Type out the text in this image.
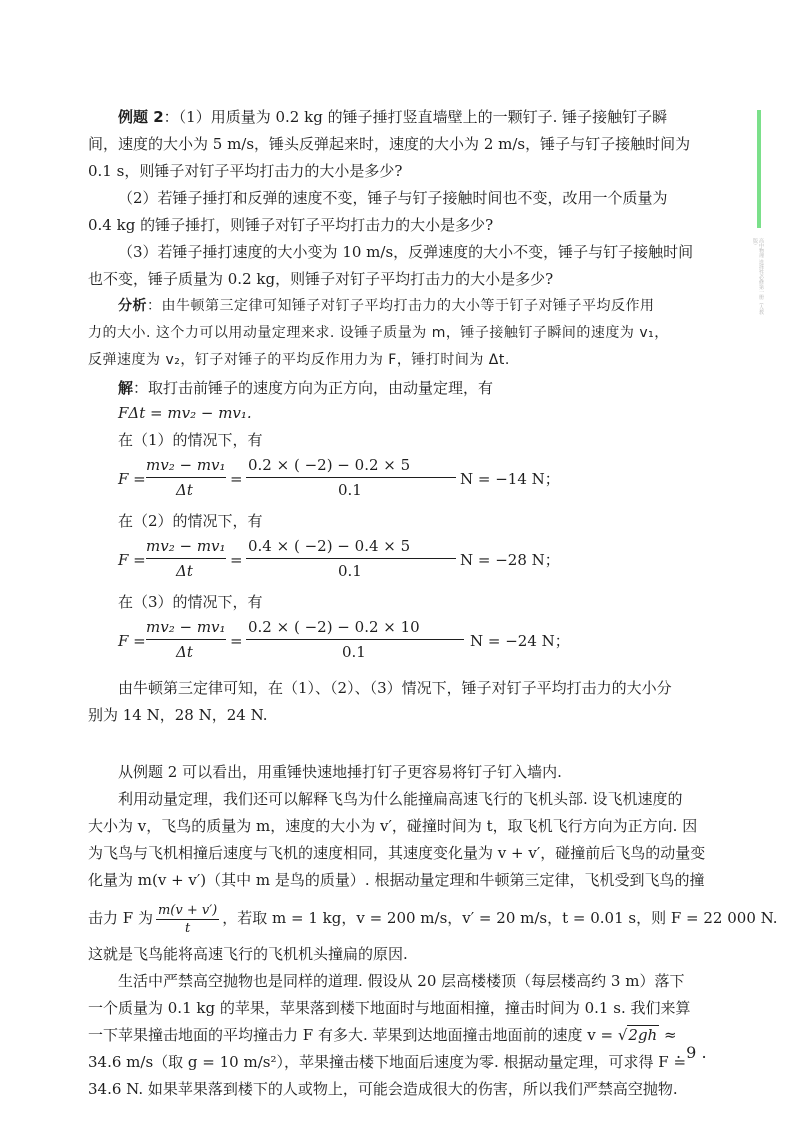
高中物理 选择性必修第一册（人教版）
例题 2：（1）用质量为 0.2 kg 的锤子捶打竖直墙壁上的一颗钉子. 锤子接触钉子瞬
间，速度的大小为 5 m/s，锤头反弹起来时，速度的大小为 2 m/s，锤子与钉子接触时间为
0.1 s，则锤子对钉子平均打击力的大小是多少?
（2）若锤子捶打和反弹的速度不变，锤子与钉子接触时间也不变，改用一个质量为
0.4 kg 的锤子捶打，则锤子对钉子平均打击力的大小是多少?
（3）若锤子捶打速度的大小变为 10 m/s，反弹速度的大小不变，锤子与钉子接触时间
也不变，锤子质量为 0.2 kg，则锤子对钉子平均打击力的大小是多少?
分析：由牛顿第三定律可知锤子对钉子平均打击力的大小等于钉子对锤子平均反作用
力的大小. 这个力可以用动量定理来求. 设锤子质量为 m，锤子接触钉子瞬间的速度为 v₁，
反弹速度为 v₂，钉子对锤子的平均反作用力为 F，锤打时间为 Δt.
解：取打击前锤子的速度方向为正方向，由动量定理，有
FΔt = mv₂ − mv₁.
在（1）的情况下，有
F =
mv₂ − mv₁
Δt
=
0.2 × ( −2) − 0.2 × 5
0.1
N = −14 N；
在（2）的情况下，有
F =
mv₂ − mv₁
Δt
=
0.4 × ( −2) − 0.4 × 5
0.1
N = −28 N；
在（3）的情况下，有
F =
mv₂ − mv₁
Δt
=
0.2 × ( −2) − 0.2 × 10
0.1
N = −24 N；
由牛顿第三定律可知，在（1）、（2）、（3）情况下，锤子对钉子平均打击力的大小分
别为 14 N，28 N，24 N.
从例题 2 可以看出，用重锤快速地捶打钉子更容易将钉子钉入墙内.
利用动量定理，我们还可以解释飞鸟为什么能撞扁高速飞行的飞机头部. 设飞机速度的
大小为 v，飞鸟的质量为 m，速度的大小为 v′，碰撞时间为 t，取飞机飞行方向为正方向. 因
为飞鸟与飞机相撞后速度与飞机的速度相同，其速度变化量为 v + v′，碰撞前后飞鸟的动量变
化量为 m(v + v′)（其中 m 是鸟的质量）. 根据动量定理和牛顿第三定律，飞机受到飞鸟的撞
击力 F 为 $\frac{m(v + v')}{t}$ ，若取 m = 1 kg，v = 200 m/s，v′ = 20 m/s，t = 0.01 s，则 F = 22 000 N.
这就是飞鸟能将高速飞行的飞机机头撞扁的原因.
生活中严禁高空抛物也是同样的道理. 假设从 20 层高楼楼顶（每层楼高约 3 m）落下
一个质量为 0.1 kg 的苹果，苹果落到楼下地面时与地面相撞，撞击时间为 0.1 s. 我们来算
一下苹果撞击地面的平均撞击力 F 有多大. 苹果到达地面撞击地面前的速度 v = √2gh ≈
34.6 m/s（取 g = 10 m/s²），苹果撞击楼下地面后速度为零. 根据动量定理，可求得 F =
34.6 N. 如果苹果落到楼下的人或物上，可能会造成很大的伤害，所以我们严禁高空抛物.
. 9 .
